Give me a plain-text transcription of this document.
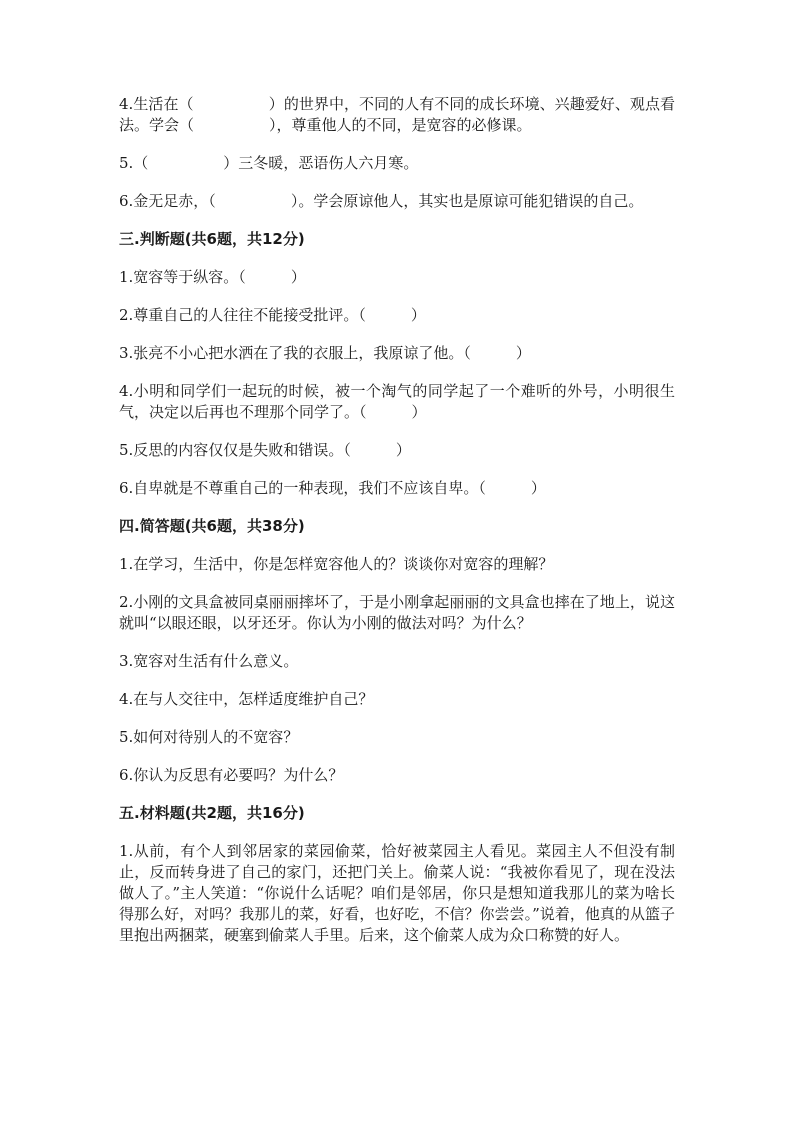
4.生活在（　　　　　）的世界中，不同的人有不同的成长环境、兴趣爱好、观点看法。学会（　　　　　），尊重他人的不同，是宽容的必修课。

5.（　　　　　）三冬暖，恶语伤人六月寒。

6.金无足赤，（　　　　　）。学会原谅他人，其实也是原谅可能犯错误的自己。

三.判断题(共6题，共12分)

1.宽容等于纵容。（　　　）

2.尊重自己的人往往不能接受批评。（　　　）

3.张亮不小心把水洒在了我的衣服上，我原谅了他。（　　　）

4.小明和同学们一起玩的时候，被一个淘气的同学起了一个难听的外号，小明很生气，决定以后再也不理那个同学了。（　　　）

5.反思的内容仅仅是失败和错误。（　　　）

6.自卑就是不尊重自己的一种表现，我们不应该自卑。（　　　）

四.简答题(共6题，共38分)

1.在学习，生活中，你是怎样宽容他人的？谈谈你对宽容的理解？

2.小刚的文具盒被同桌丽丽摔坏了，于是小刚拿起丽丽的文具盒也摔在了地上，说这就叫“以眼还眼，以牙还牙。你认为小刚的做法对吗？为什么？

3.宽容对生活有什么意义。

4.在与人交往中，怎样适度维护自己？

5.如何对待别人的不宽容？

6.你认为反思有必要吗？为什么？

五.材料题(共2题，共16分)

1.从前，有个人到邻居家的菜园偷菜，恰好被菜园主人看见。菜园主人不但没有制止，反而转身进了自己的家门，还把门关上。偷菜人说：“我被你看见了，现在没法做人了。”主人笑道：“你说什么话呢？咱们是邻居，你只是想知道我那儿的菜为啥长得那么好，对吗？我那儿的菜，好看，也好吃，不信？你尝尝。”说着，他真的从篮子里抱出两捆菜，硬塞到偷菜人手里。后来，这个偷菜人成为众口称赞的好人。
